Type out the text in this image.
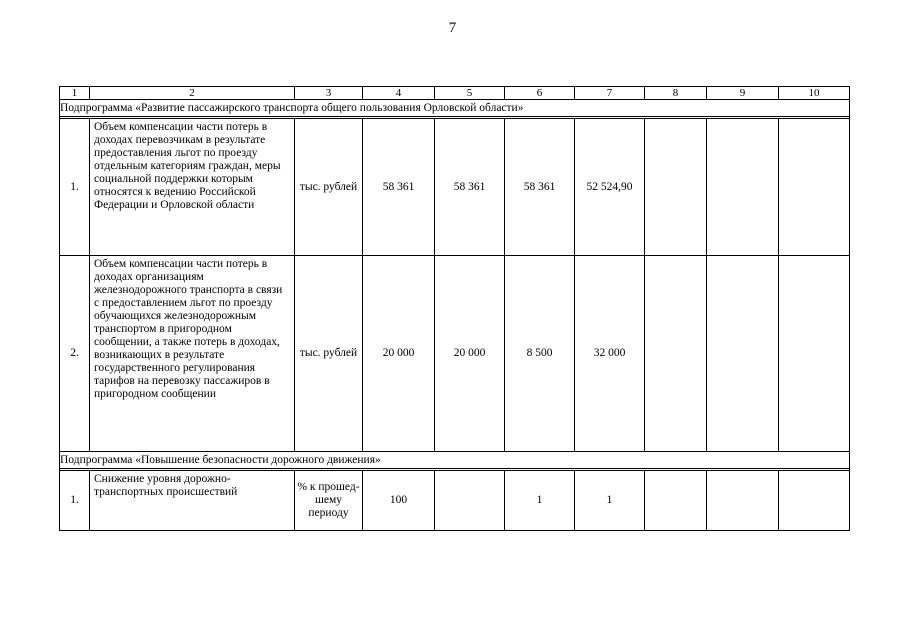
7
1	2	3	4	5	6	7	8	9	10
Подпрограмма «Развитие пассажирского транспорта общего пользования Орловской области»									

1.	Объем компенсации части потерь в доходах перевозчикам в результате предоставления льгот по проезду отдельным категориям граждан, меры социальной поддержки которым относятся к ведению Российской Федерации и Орловской области	тыс. рублей	58 361	58 361	58 361	52 524,90			
2.	Объем компенсации части потерь в доходах организациям железнодорожного транспорта в связи с предоставлением льгот по проезду обучающихся железнодорожным транспортом в пригородном сообщении, а также потерь в доходах, возникающих в результате государственного регулирования тарифов на перевозку пассажиров в пригородном сообщении	тыс. рублей	20 000	20 000	8 500	32 000			
Подпрограмма «Повышение безопасности дорожного движения»									

1.	Снижение уровня дорожно-транспортных происшествий	% к прошед-шему периоду	100		1	1			
